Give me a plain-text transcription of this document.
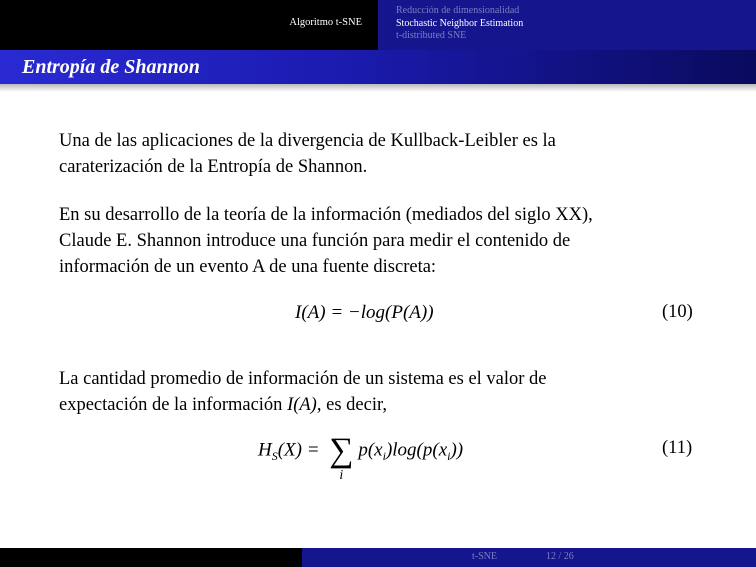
Algoritmo t-SNE
Reducción de dimensionalidad
Stochastic Neighbor Estimation
t-distributed SNE
Entropía de Shannon
Una de las aplicaciones de la divergencia de Kullback-Leibler es la
caraterización de la Entropía de Shannon.
En su desarrollo de la teoría de la información (mediados del siglo XX),
Claude E. Shannon introduce una función para medir el contenido de
información de un evento A de una fuente discreta:
I(A) = −log(P(A))	(10)
La cantidad promedio de información de un sistema es el valor de
expectación de la información I(A), es decir,
$H_S(X)$ = ∑
i
$p(x_i)\log(p(x_i))$	(11)
t-SNE	12 / 26
